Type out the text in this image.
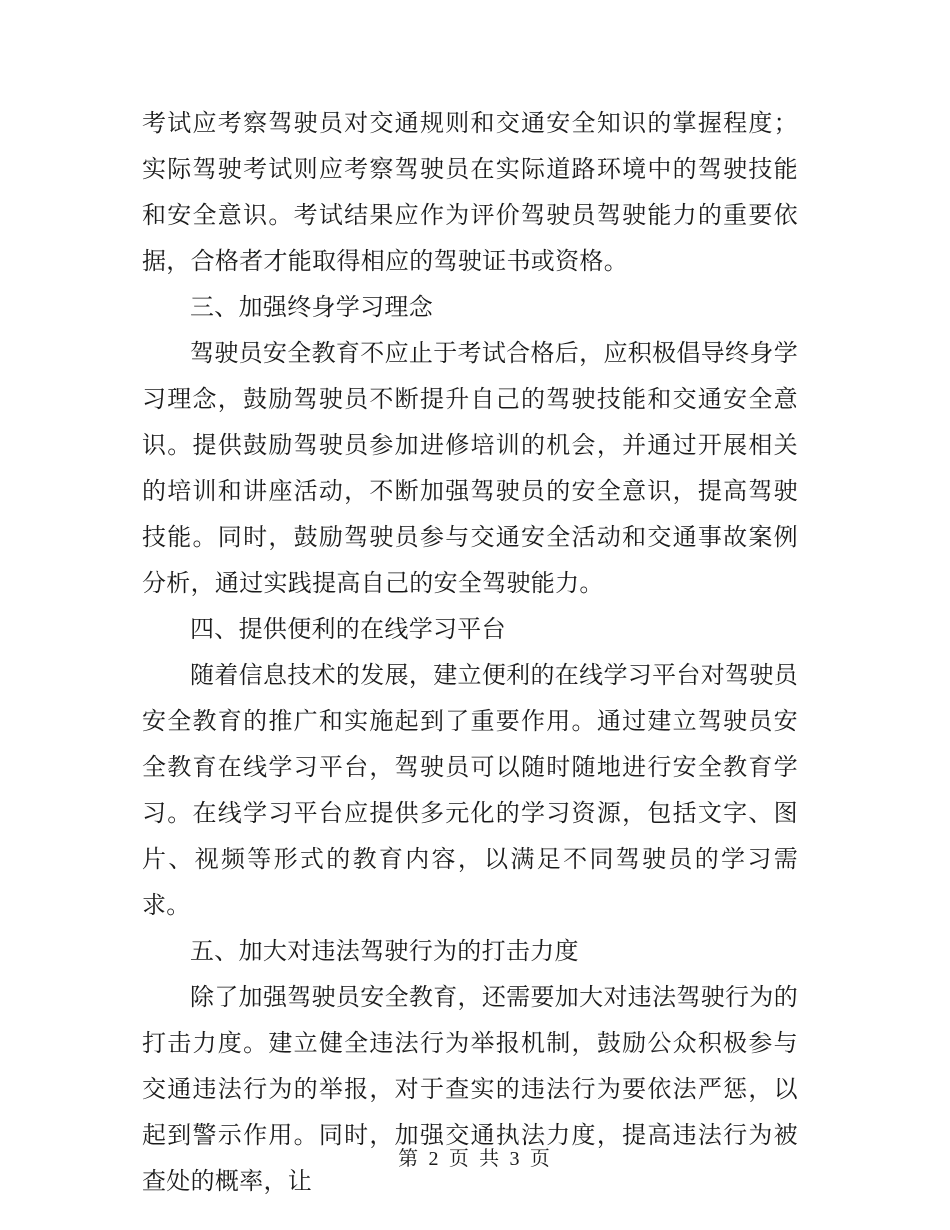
考试应考察驾驶员对交通规则和交通安全知识的掌握程度；实际驾驶考试则应考察驾驶员在实际道路环境中的驾驶技能和安全意识。考试结果应作为评价驾驶员驾驶能力的重要依据，合格者才能取得相应的驾驶证书或资格。

三、加强终身学习理念

驾驶员安全教育不应止于考试合格后，应积极倡导终身学习理念，鼓励驾驶员不断提升自己的驾驶技能和交通安全意识。提供鼓励驾驶员参加进修培训的机会，并通过开展相关的培训和讲座活动，不断加强驾驶员的安全意识，提高驾驶技能。同时，鼓励驾驶员参与交通安全活动和交通事故案例分析，通过实践提高自己的安全驾驶能力。

四、提供便利的在线学习平台

随着信息技术的发展，建立便利的在线学习平台对驾驶员安全教育的推广和实施起到了重要作用。通过建立驾驶员安全教育在线学习平台，驾驶员可以随时随地进行安全教育学习。在线学习平台应提供多元化的学习资源，包括文字、图片、视频等形式的教育内容，以满足不同驾驶员的学习需求。

五、加大对违法驾驶行为的打击力度

除了加强驾驶员安全教育，还需要加大对违法驾驶行为的打击力度。建立健全违法行为举报机制，鼓励公众积极参与交通违法行为的举报，对于查实的违法行为要依法严惩，以起到警示作用。同时，加强交通执法力度，提高违法行为被查处的概率，让

第 2 页 共 3 页
